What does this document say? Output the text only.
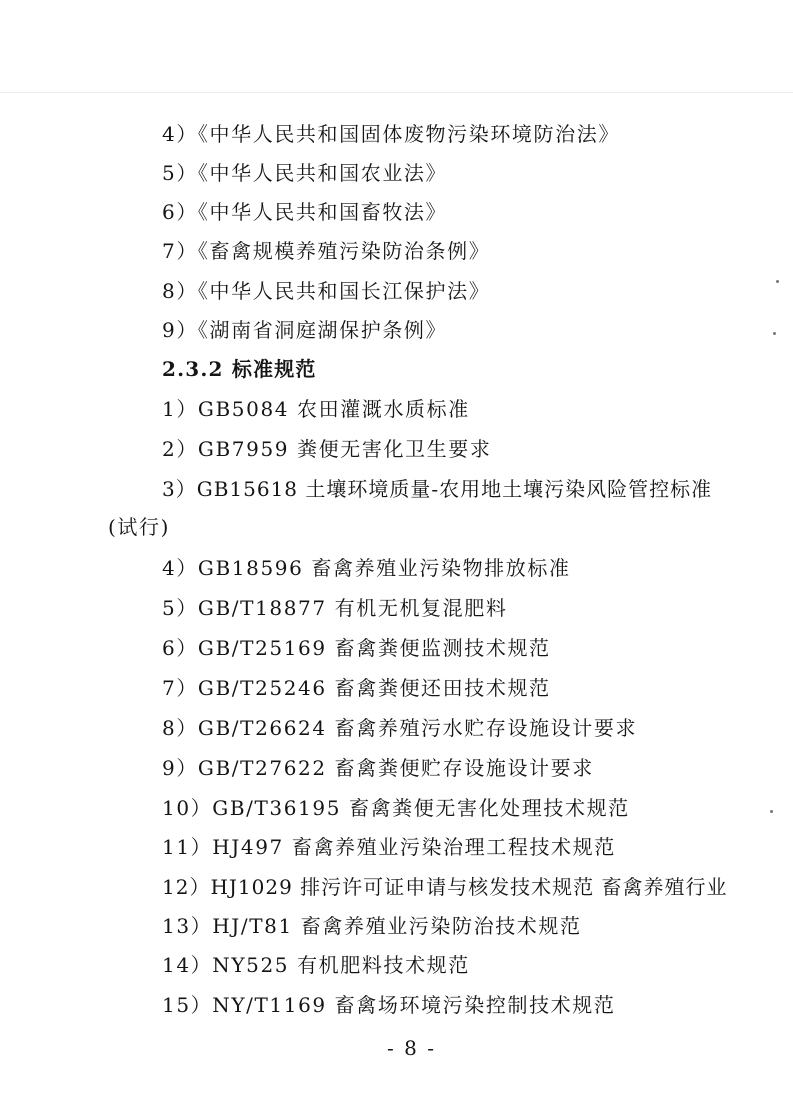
4）《中华人民共和国固体废物污染环境防治法》
5）《中华人民共和国农业法》
6）《中华人民共和国畜牧法》
7）《畜禽规模养殖污染防治条例》
8）《中华人民共和国长江保护法》
9）《湖南省洞庭湖保护条例》
2.3.2 标准规范
1）GB5084 农田灌溉水质标准
2）GB7959 粪便无害化卫生要求
3）GB15618 土壤环境质量-农用地土壤污染风险管控标准
(试行)
4）GB18596 畜禽养殖业污染物排放标准
5）GB/T18877 有机无机复混肥料
6）GB/T25169 畜禽粪便监测技术规范
7）GB/T25246 畜禽粪便还田技术规范
8）GB/T26624 畜禽养殖污水贮存设施设计要求
9）GB/T27622 畜禽粪便贮存设施设计要求
10）GB/T36195 畜禽粪便无害化处理技术规范
11）HJ497 畜禽养殖业污染治理工程技术规范
12）HJ1029 排污许可证申请与核发技术规范 畜禽养殖行业
13）HJ/T81 畜禽养殖业污染防治技术规范
14）NY525 有机肥料技术规范
15）NY/T1169 畜禽场环境污染控制技术规范
- 8 -
